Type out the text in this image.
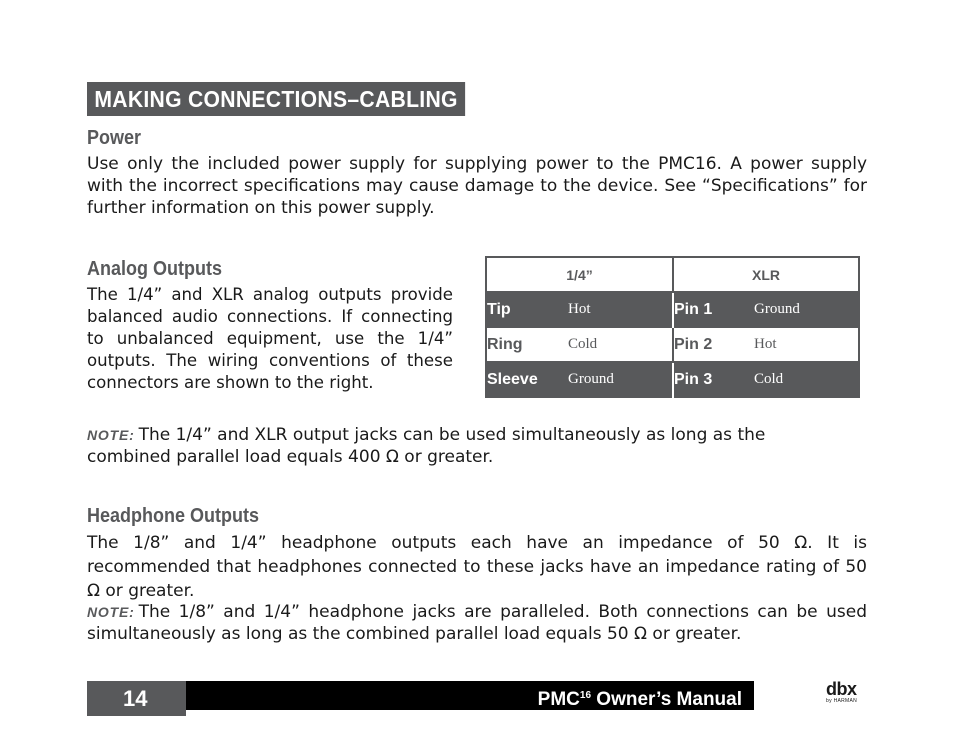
MAKING CONNECTIONS–CABLING
Power
Use only the included power supply for supplying power to the PMC16. A power supply with the incorrect specifications may cause damage to the device. See “Specifications” for further information on this power supply.
Analog Outputs
The 1/4” and XLR analog outputs provide balanced audio connections. If connecting to unbalanced equipment, use the 1/4” outputs. The wiring conventions of these connectors are shown to the right.
1/4”		XLR	
Tip	Hot	Pin 1	Ground
Ring	Cold	Pin 2	Hot
Sleeve	Ground	Pin 3	Cold
NOTE: The 1/4” and XLR output jacks can be used simultaneously as long as the combined parallel load equals 400 Ω or greater.
Headphone Outputs
The 1/8” and 1/4” headphone outputs each have an impedance of 50 Ω. It is recommended that headphones connected to these jacks have an impedance rating of 50 Ω or greater.
NOTE: The 1/8” and 1/4” headphone jacks are paralleled. Both connections can be used simultaneously as long as the combined parallel load equals 50 Ω or greater.
14	PMC$^{16}$ Owner’s Manual	dbx
by HARMAN
